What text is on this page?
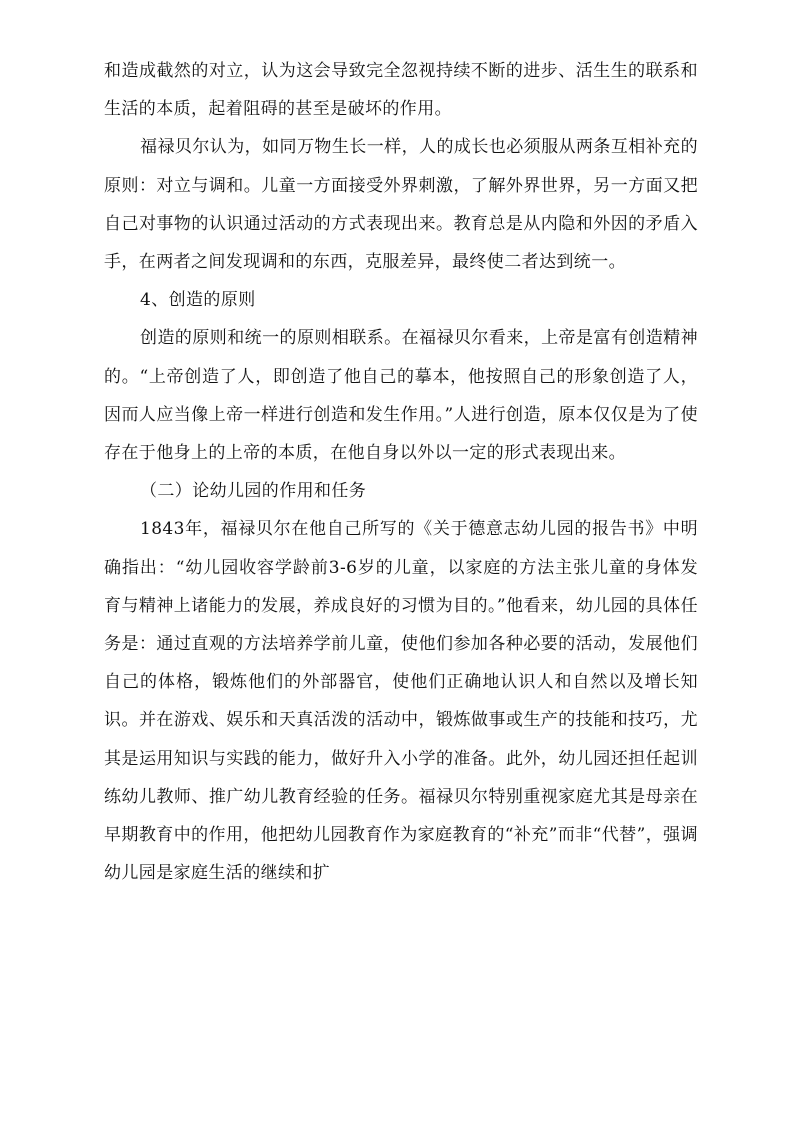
和造成截然的对立，认为这会导致完全忽视持续不断的进步、活生生的联系和生活的本质，起着阻碍的甚至是破坏的作用。

福禄贝尔认为，如同万物生长一样，人的成长也必须服从两条互相补充的原则：对立与调和。儿童一方面接受外界刺激，了解外界世界，另一方面又把自己对事物的认识通过活动的方式表现出来。教育总是从内隐和外因的矛盾入手，在两者之间发现调和的东西，克服差异，最终使二者达到统一。

4、创造的原则

创造的原则和统一的原则相联系。在福禄贝尔看来，上帝是富有创造精神的。“上帝创造了人，即创造了他自己的摹本，他按照自己的形象创造了人，因而人应当像上帝一样进行创造和发生作用。”人进行创造，原本仅仅是为了使存在于他身上的上帝的本质，在他自身以外以一定的形式表现出来。

（二）论幼儿园的作用和任务

1843年，福禄贝尔在他自己所写的《关于德意志幼儿园的报告书》中明确指出：“幼儿园收容学龄前3-6岁的儿童，以家庭的方法主张儿童的身体发育与精神上诸能力的发展，养成良好的习惯为目的。”他看来，幼儿园的具体任务是：通过直观的方法培养学前儿童，使他们参加各种必要的活动，发展他们自己的体格，锻炼他们的外部器官，使他们正确地认识人和自然以及增长知识。并在游戏、娱乐和天真活泼的活动中，锻炼做事或生产的技能和技巧，尤其是运用知识与实践的能力，做好升入小学的准备。此外，幼儿园还担任起训练幼儿教师、推广幼儿教育经验的任务。福禄贝尔特别重视家庭尤其是母亲在早期教育中的作用，他把幼儿园教育作为家庭教育的“补充”而非“代替”，强调幼儿园是家庭生活的继续和扩
